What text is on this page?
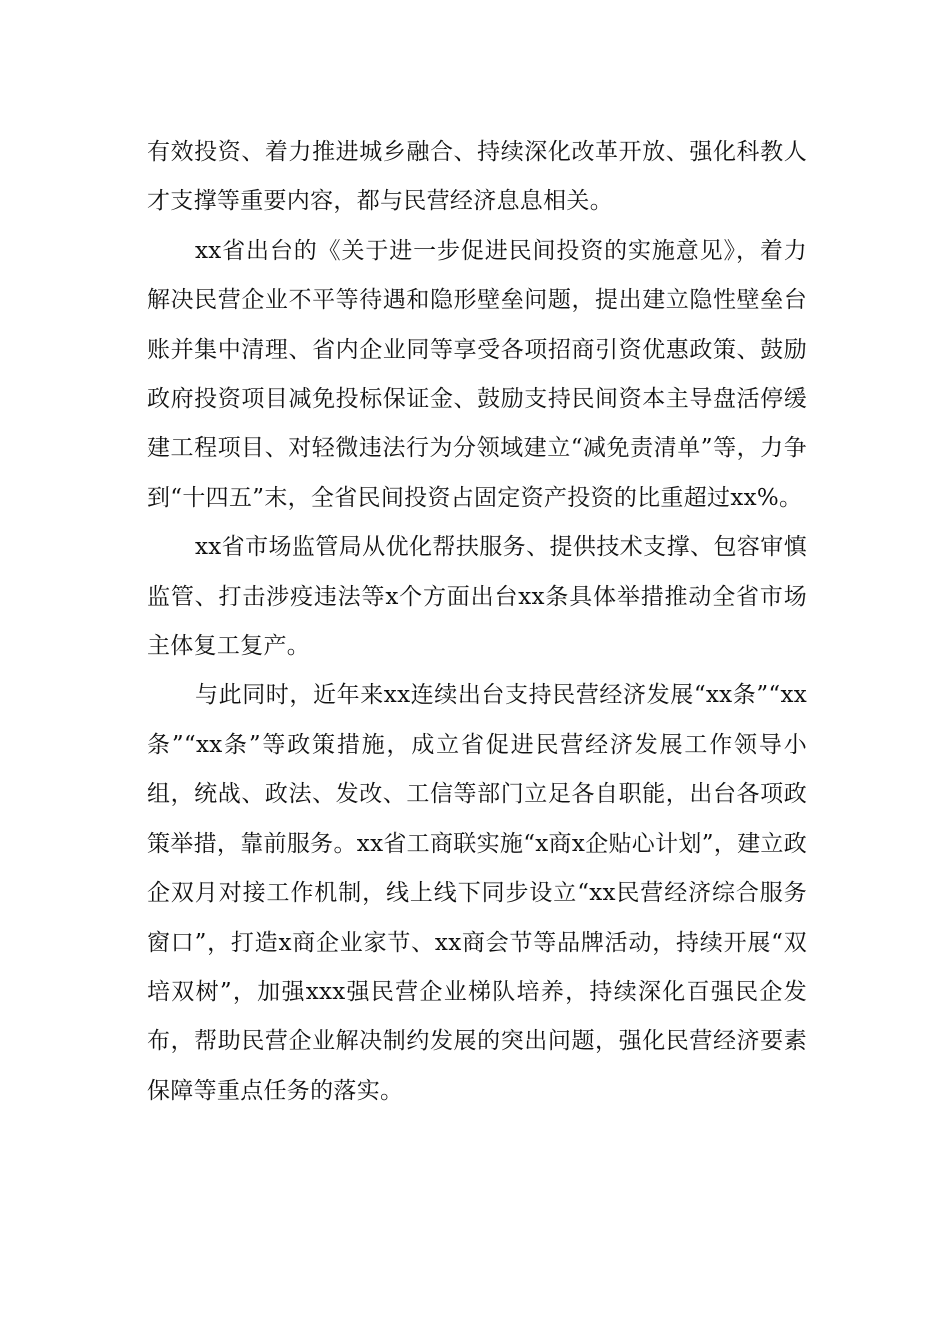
有效投资、着力推进城乡融合、持续深化改革开放、强化科教人才支撑等重要内容，都与民营经济息息相关。

xx省出台的《关于进一步促进民间投资的实施意见》，着力解决民营企业不平等待遇和隐形壁垒问题，提出建立隐性壁垒台账并集中清理、省内企业同等享受各项招商引资优惠政策、鼓励政府投资项目减免投标保证金、鼓励支持民间资本主导盘活停缓建工程项目、对轻微违法行为分领域建立“减免责清单”等，力争到“十四五”末，全省民间投资占固定资产投资的比重超过xx%。

xx省市场监管局从优化帮扶服务、提供技术支撑、包容审慎监管、打击涉疫违法等x个方面出台xx条具体举措推动全省市场主体复工复产。

与此同时，近年来xx连续出台支持民营经济发展“xx条”“xx条”“xx条”等政策措施，成立省促进民营经济发展工作领导小组，统战、政法、发改、工信等部门立足各自职能，出台各项政策举措，靠前服务。xx省工商联实施“x商x企贴心计划”，建立政企双月对接工作机制，线上线下同步设立“xx民营经济综合服务窗口”，打造x商企业家节、xx商会节等品牌活动，持续开展“双培双树”，加强xxx强民营企业梯队培养，持续深化百强民企发布，帮助民营企业解决制约发展的突出问题，强化民营经济要素保障等重点任务的落实。
